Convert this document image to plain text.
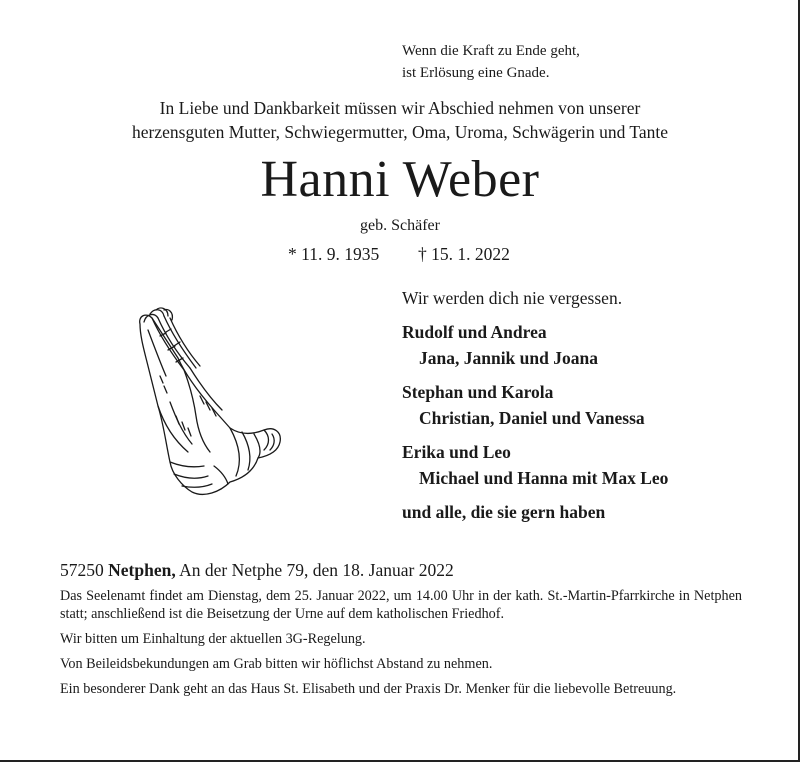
Wenn die Kraft zu Ende geht,
ist Erlösung eine Gnade.
In Liebe und Dankbarkeit müssen wir Abschied nehmen von unserer
herzensguten Mutter, Schwiegermutter, Oma, Uroma, Schwägerin und Tante
Hanni Weber
geb. Schäfer
* 11. 9. 1935 † 15. 1. 2022
Wir werden dich nie vergessen.
Rudolf und Andrea
Jana, Jannik und Joana
Stephan und Karola
Christian, Daniel und Vanessa
Erika und Leo
Michael und Hanna mit Max Leo
und alle, die sie gern haben
57250 Netphen, An der Netphe 79, den 18. Januar 2022

Das Seelenamt findet am Dienstag, dem 25. Januar 2022, um 14.00 Uhr in der kath. St.-Martin-Pfarrkirche in Netphen statt; anschließend ist die Beisetzung der Urne auf dem katholischen Friedhof.

Wir bitten um Einhaltung der aktuellen 3G-Regelung.

Von Beileidsbekundungen am Grab bitten wir höflichst Abstand zu nehmen.

Ein besonderer Dank geht an das Haus St. Elisabeth und der Praxis Dr. Menker für die liebevolle Betreuung.
